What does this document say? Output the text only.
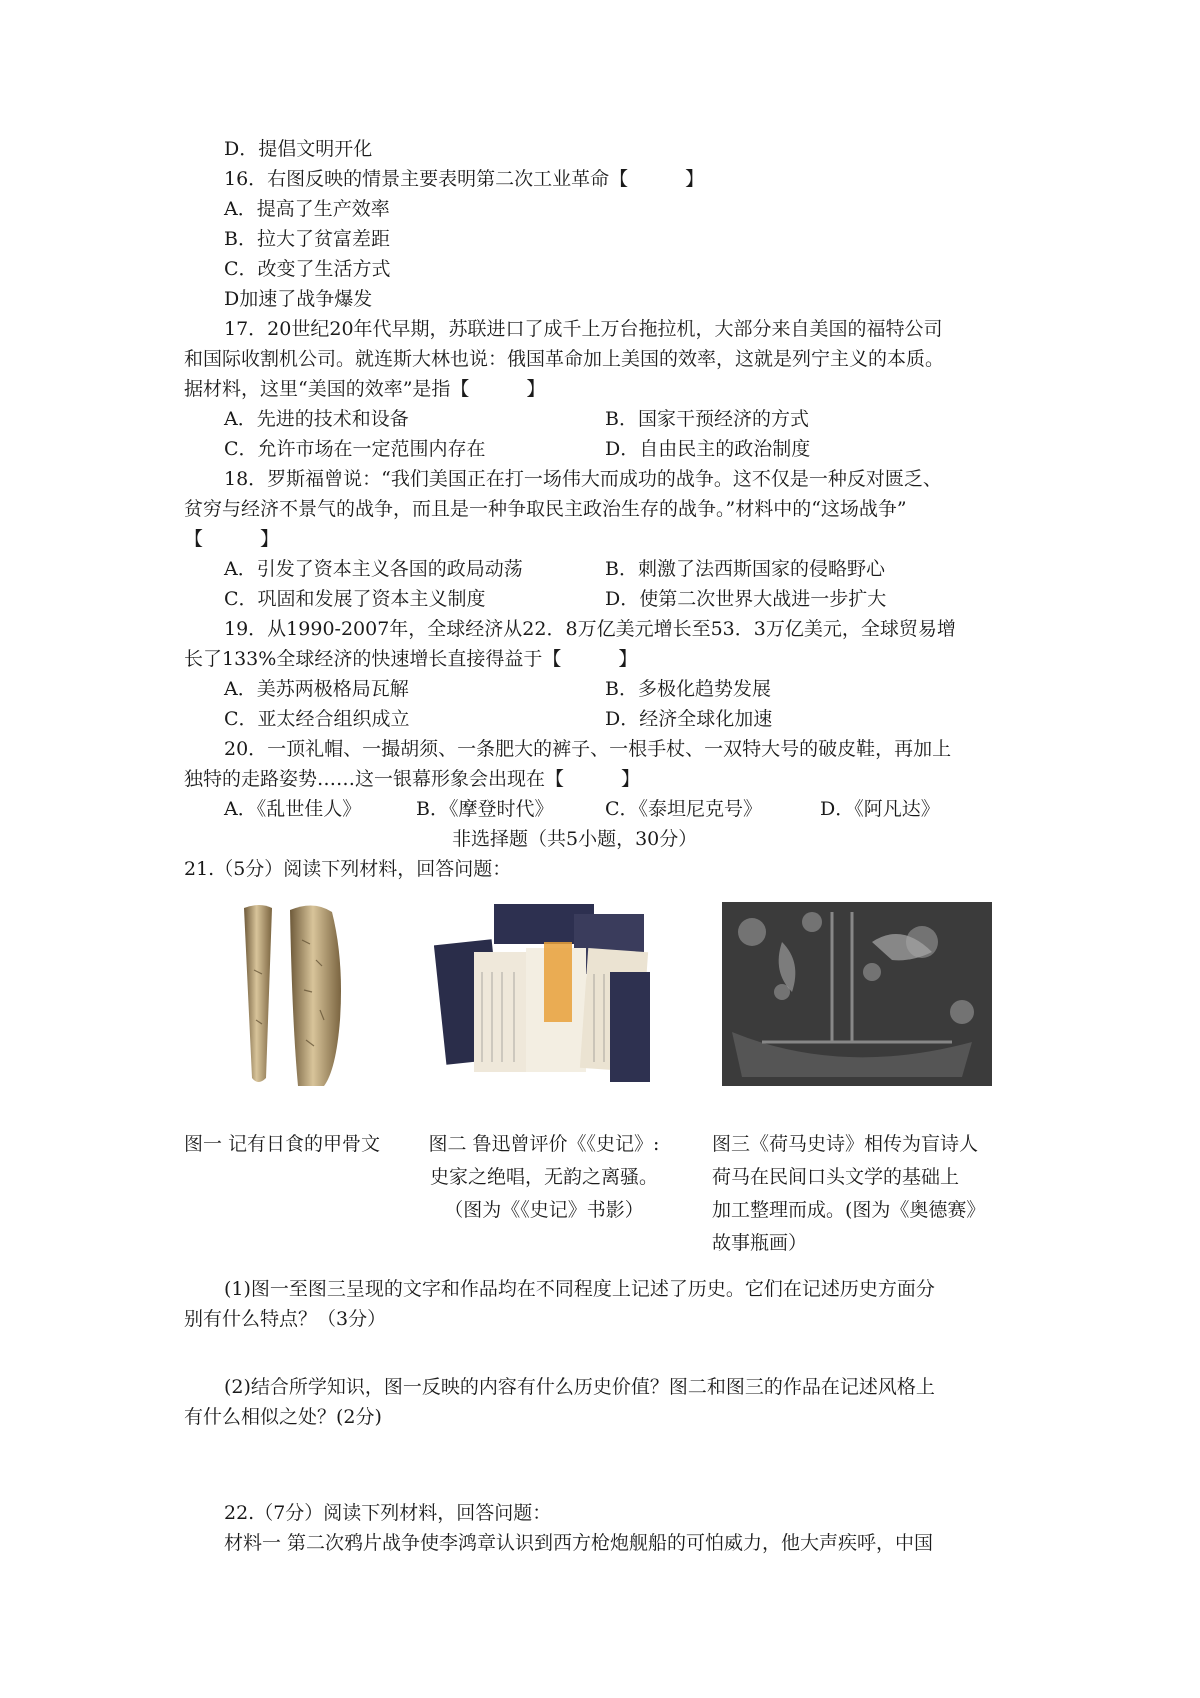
D．提倡文明开化
16．右图反映的情景主要表明第二次工业革命【　　　】
A．提高了生产效率
B．拉大了贫富差距
C．改变了生活方式
D加速了战争爆发
17．20世纪20年代早期，苏联进口了成千上万台拖拉机，大部分来自美国的福特公司
和国际收割机公司。就连斯大林也说：俄国革命加上美国的效率，这就是列宁主义的本质。
据材料，这里“美国的效率”是指【　　　】
A．先进的技术和设备	B．国家干预经济的方式
C．允许市场在一定范围内存在	D．自由民主的政治制度
18．罗斯福曾说：“我们美国正在打一场伟大而成功的战争。这不仅是一种反对匮乏、
贫穷与经济不景气的战争，而且是一种争取民主政治生存的战争。”材料中的“这场战争”
【　　　】
A．引发了资本主义各国的政局动荡	B．刺激了法西斯国家的侵略野心
C．巩固和发展了资本主义制度	D．使第二次世界大战进一步扩大
19．从1990-2007年，全球经济从22．8万亿美元增长至53．3万亿美元，全球贸易增
长了133%全球经济的快速增长直接得益于【　　　】
A．美苏两极格局瓦解	B．多极化趋势发展
C．亚太经合组织成立	D．经济全球化加速
20．一顶礼帽、一撮胡须、一条肥大的裤子、一根手杖、一双特大号的破皮鞋，再加上
独特的走路姿势……这一银幕形象会出现在【　　　】
A．《乱世佳人》	B．《摩登时代》	C．《泰坦尼克号》	D．《阿凡达》
非选择题（共5小题，30分）
21.（5分）阅读下列材料，回答问题：
图一 记有日食的甲骨文	图二 鲁迅曾评价《《史记》:
史家之绝唱，无韵之离骚。
（图为《《史记》书影）
图三《荷马史诗》相传为盲诗人
荷马在民间口头文学的基础上
加工整理而成。(图为《奥德赛》
故事瓶画）
(1)图一至图三呈现的文字和作品均在不同程度上记述了历史。它们在记述历史方面分
别有什么特点？（3分）
(2)结合所学知识，图一反映的内容有什么历史价值？图二和图三的作品在记述风格上
有什么相似之处？(2分)
22.（7分）阅读下列材料，回答问题：
材料一 第二次鸦片战争使李鸿章认识到西方枪炮舰船的可怕威力，他大声疾呼，中国
